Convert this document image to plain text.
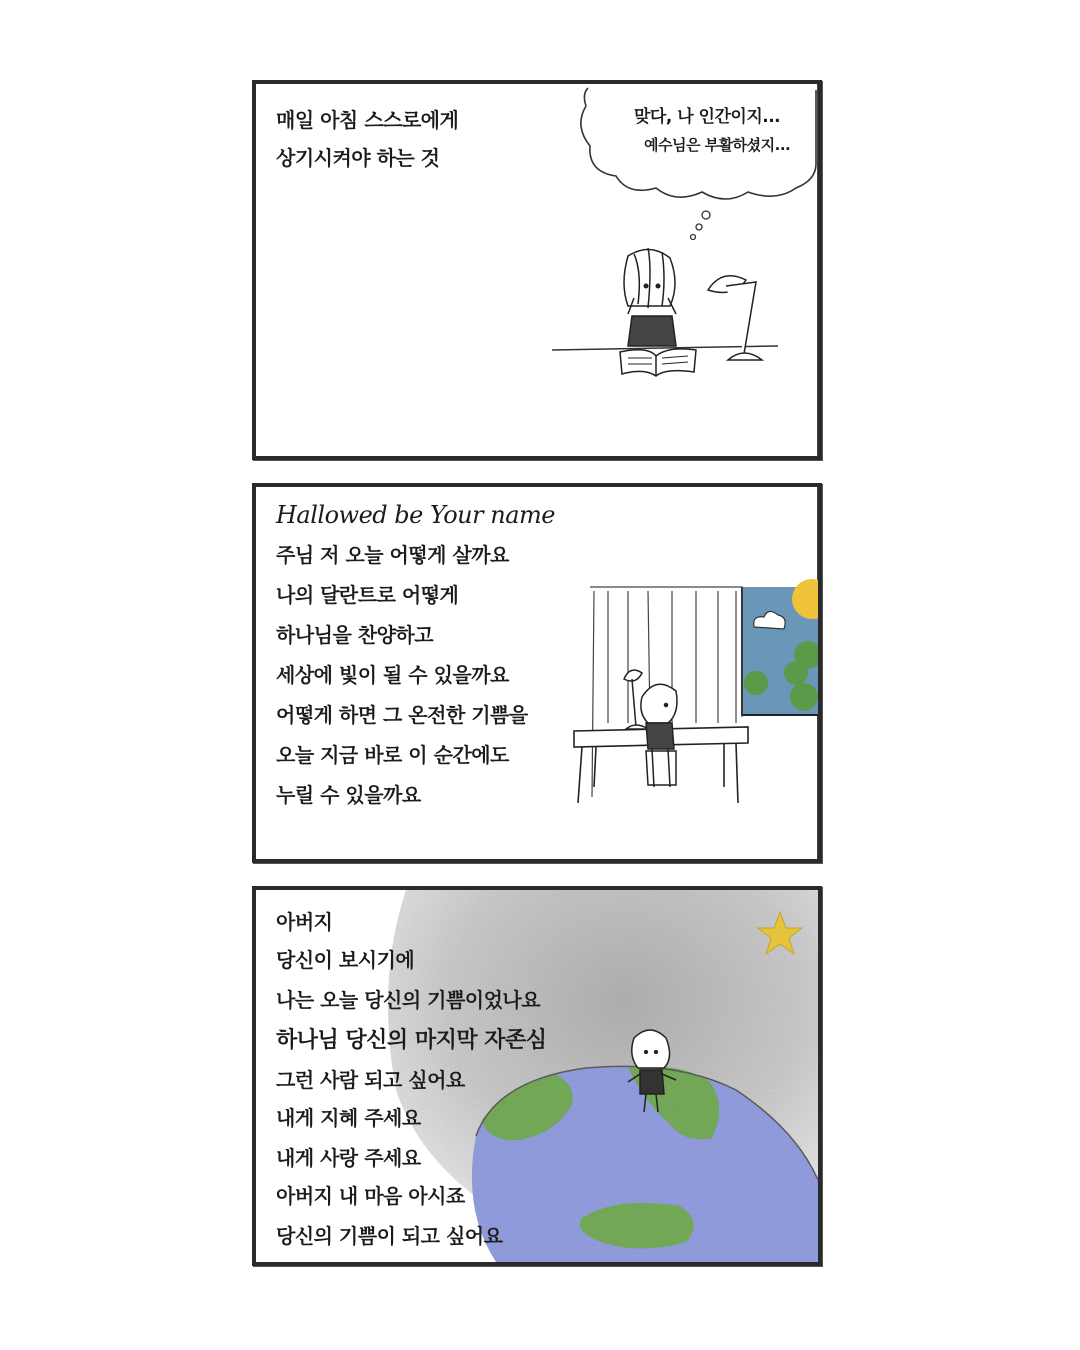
매일 아침 스스로에게
상기시켜야 하는 것
맞다, 나 인간이지...
예수님은 부활하셨지...
Hallowed be Your name
주님 저 오늘 어떻게 살까요
나의 달란트로 어떻게
하나님을 찬양하고
세상에 빛이 될 수 있을까요
어떻게 하면 그 온전한 기쁨을
오늘 지금 바로 이 순간에도
누릴 수 있을까요
아버지
당신이 보시기에
나는 오늘 당신의 기쁨이었나요
하나님 당신의 마지막 자존심
그런 사람 되고 싶어요
내게 지혜 주세요
내게 사랑 주세요
아버지 내 마음 아시죠
당신의 기쁨이 되고 싶어요
